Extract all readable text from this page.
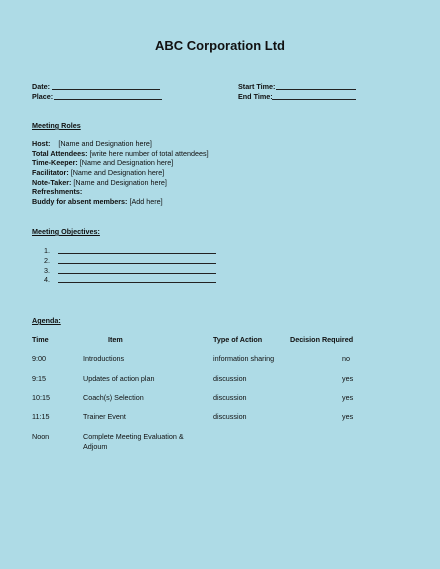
ABC Corporation Ltd
Date:
Place:
Start Time:
End Time:
Meeting Roles
Host:    [Name and Designation here]
Total Attendees: [write here number of total attendees]
Time-Keeper: [Name and Designation here]
Facilitator: [Name and Designation here]
Note-Taker: [Name and Designation here]
Refreshments:
Buddy for absent members: [Add here]
Meeting Objectives:
1.
2.
3.
4.
Agenda:
Time	Item	Type of Action	Decision Required
9:00	Introductions	information sharing	no
9:15	Updates of action plan	discussion	yes
10:15	Coach(s) Selection	discussion	yes
11:15	Trainer Event	discussion	yes
Noon	Complete Meeting Evaluation & Adjoum
